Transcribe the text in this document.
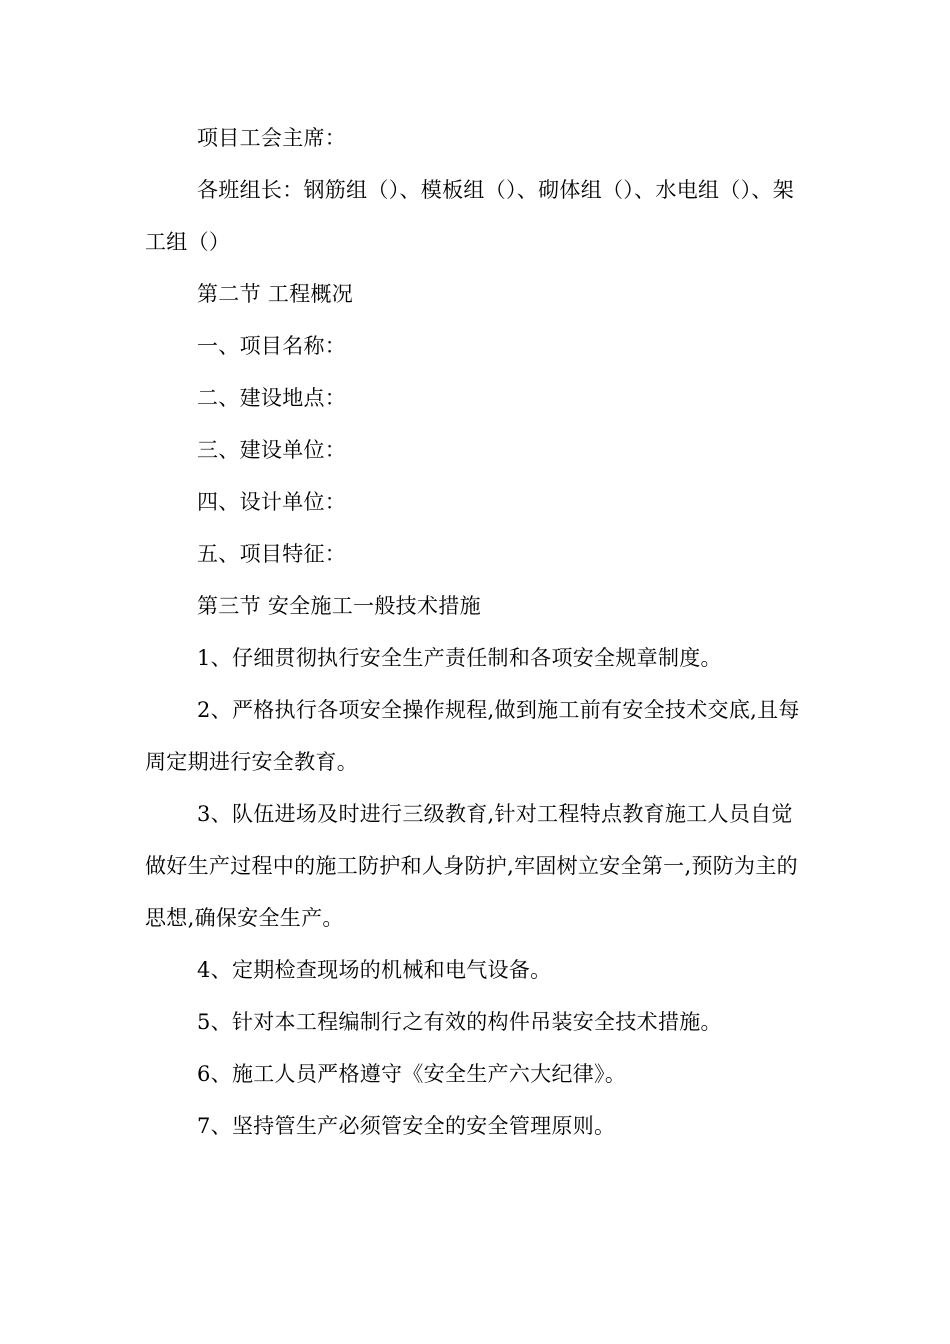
项目工会主席：

各班组长：钢筋组（）、模板组（）、砌体组（）、水电组（）、架工组（）

第二节 工程概况

一、项目名称：

二、建设地点：

三、建设单位：

四、设计单位：

五、项目特征：

第三节 安全施工一般技术措施

1、仔细贯彻执行安全生产责任制和各项安全规章制度。

2、严格执行各项安全操作规程,做到施工前有安全技术交底,且每周定期进行安全教育。

3、队伍进场及时进行三级教育,针对工程特点教育施工人员自觉做好生产过程中的施工防护和人身防护,牢固树立安全第一,预防为主的思想,确保安全生产。

4、定期检查现场的机械和电气设备。

5、针对本工程编制行之有效的构件吊装安全技术措施。

6、施工人员严格遵守《安全生产六大纪律》。

7、坚持管生产必须管安全的安全管理原则。
